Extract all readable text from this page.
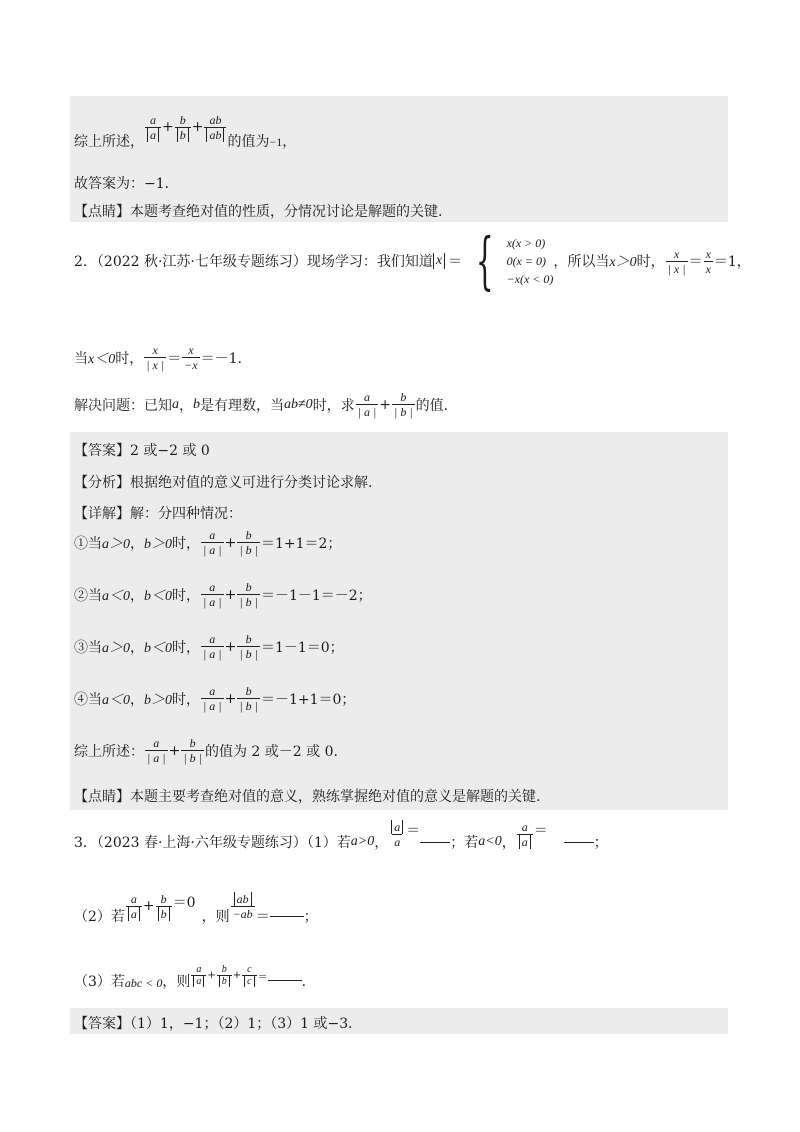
综上所述，
$\frac{a}{a} + \frac{b}{b} + \frac{ab}{ab}$
的值为 −1 ，
故答案为：−1．
【点睛】本题考查绝对值的性质，分情况讨论是解题的关键.
2．（2022 秋·江苏·七年级专题练习）现场学习：我们知道 x ＝ { x(x > 0)
0(x = 0)
−x(x < 0)
，所以当 x＞0 时， $\frac{x}{| x |} = \frac{x}{x} =1$，
当 x＜0 时， $\frac{x}{| x |} = \frac{x}{-x} =-1$.
解决问题：已知 a ， b 是有理数，当 ab≠0 时，求 $\frac{a}{| a |} + \frac{b}{| b |}$ 的值.
【答案】2 或−2 或 0
【分析】根据绝对值的意义可进行分类讨论求解.
【详解】解：分四种情况：
①当 a＞0 ， b＞0 时， $\frac{a}{| a |} + \frac{b}{| b |} =1+1=2$；
②当 a＜0 ， b＜0 时， $\frac{a}{| a |} + \frac{b}{| b |} =-1-1=-2$；
③当 a＞0 ， b＜0 时， $\frac{a}{| a |} + \frac{b}{| b |} =1-1=0$；
④当 a＜0 ， b＞0 时， $\frac{a}{| a |} + \frac{b}{| b |} =-1+1=0$；
综上所述： $\frac{a}{| a |} + \frac{b}{| b |}$ 的值为 2 或－2 或 0.
【点睛】本题主要考查绝对值的意义，熟练掌握绝对值的意义是解题的关键.
3．（2023 春·上海·六年级专题练习）（1）若 a>0 ， $\frac{a}{a}$ ＝
；若 a<0 ， $\frac{a}{a}$ ＝
；
（2）若 $\frac{a}{a} + \frac{b}{b} =0$
，则 $\frac{ab}{-ab}$ ＝ ；
（3）若 abc < 0 ，则 $\frac{a}{a} + \frac{b}{b} + \frac{c}{c}$ ＝ ．
【答案】（1）1，−1；（2）1；（3）1 或−3．
